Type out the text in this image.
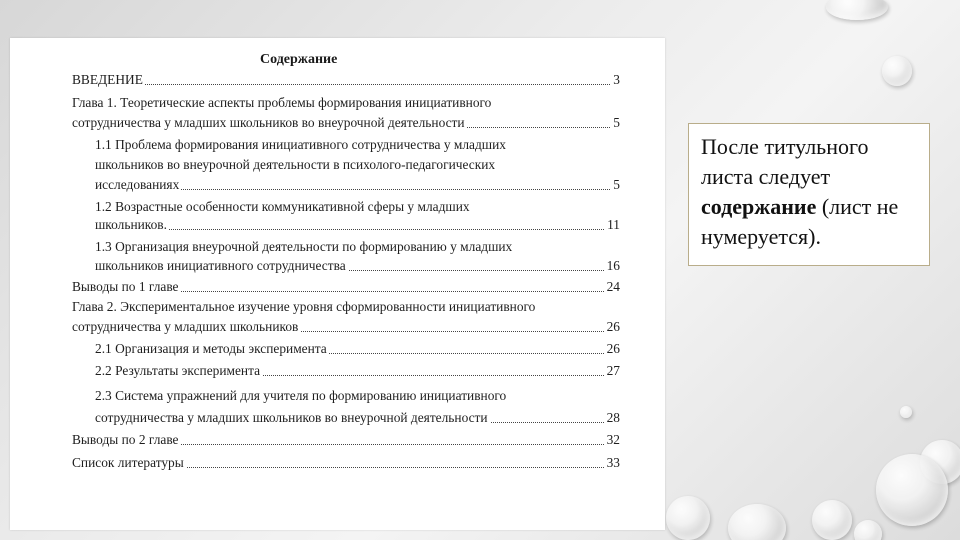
Содержание
ВВЕДЕНИЕ	3
Глава 1. Теоретические аспекты проблемы формирования инициативного
сотрудничества у младших школьников во внеурочной деятельности	5
1.1 Проблема формирования инициативного сотрудничества у младших
школьников во внеурочной деятельности в психолого-педагогических
исследованиях	5
1.2 Возрастные особенности коммуникативной сферы у младших
школьников.	11
1.3 Организация внеурочной деятельности по формированию у младших
школьников инициативного сотрудничества	16
Выводы по 1 главе	24
Глава 2. Экспериментальное изучение уровня сформированности инициативного
сотрудничества у младших школьников	26
2.1 Организация и методы эксперимента	26
2.2 Результаты эксперимента	27
2.3 Система упражнений для учителя по формированию инициативного
сотрудничества у младших школьников во внеурочной деятельности	28
Выводы по 2 главе	32
Список литературы	33
После титульного листа следует содержание (лист не нумеруется).
